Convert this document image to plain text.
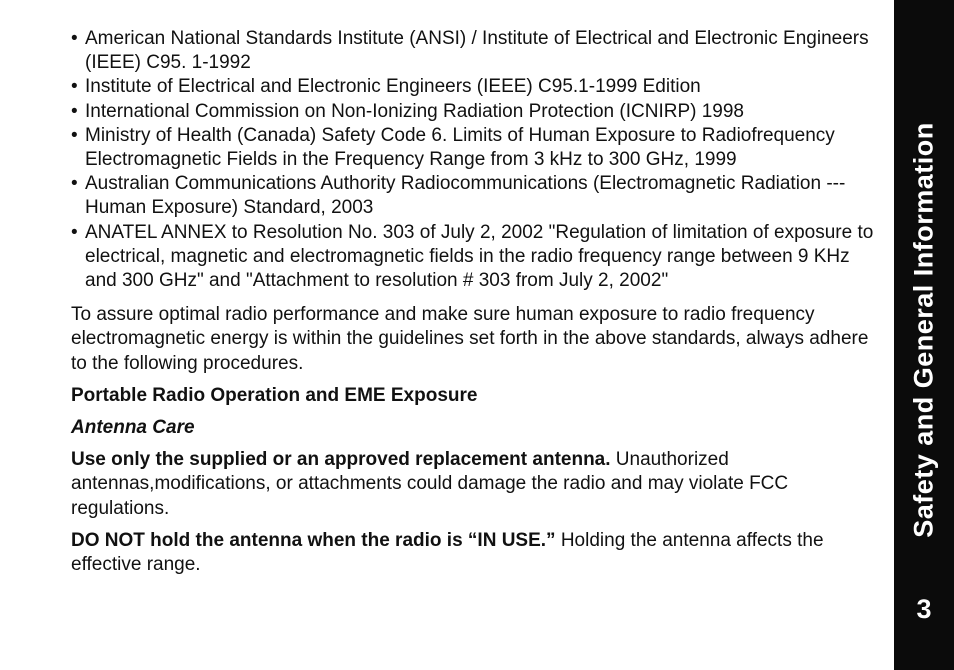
• American National Standards Institute (ANSI) / Institute of Electrical and Electronic Engineers (IEEE) C95. 1-1992
• Institute of Electrical and Electronic Engineers (IEEE) C95.1-1999 Edition
• International Commission on Non-Ionizing Radiation Protection (ICNIRP) 1998
• Ministry of Health (Canada) Safety Code 6. Limits of Human Exposure to Radiofrequency Electromagnetic Fields in the Frequency Range from 3 kHz to 300 GHz, 1999
• Australian Communications Authority Radiocommunications (Electromagnetic Radiation --- Human Exposure) Standard, 2003
• ANATEL ANNEX to Resolution No. 303 of July 2, 2002 "Regulation of limitation of exposure to electrical, magnetic and electromagnetic fields in the radio frequency range between 9 KHz and 300 GHz" and "Attachment to resolution # 303 from July 2, 2002"

To assure optimal radio performance and make sure human exposure to radio frequency electromagnetic energy is within the guidelines set forth in the above standards, always adhere to the following procedures.

Portable Radio Operation and EME Exposure

Antenna Care

Use only the supplied or an approved replacement antenna. Unauthorized antennas,modifications, or attachments could damage the radio and may violate FCC regulations.

DO NOT hold the antenna when the radio is “IN USE.” Holding the antenna affects the effective range.

Safety and General Information
3
